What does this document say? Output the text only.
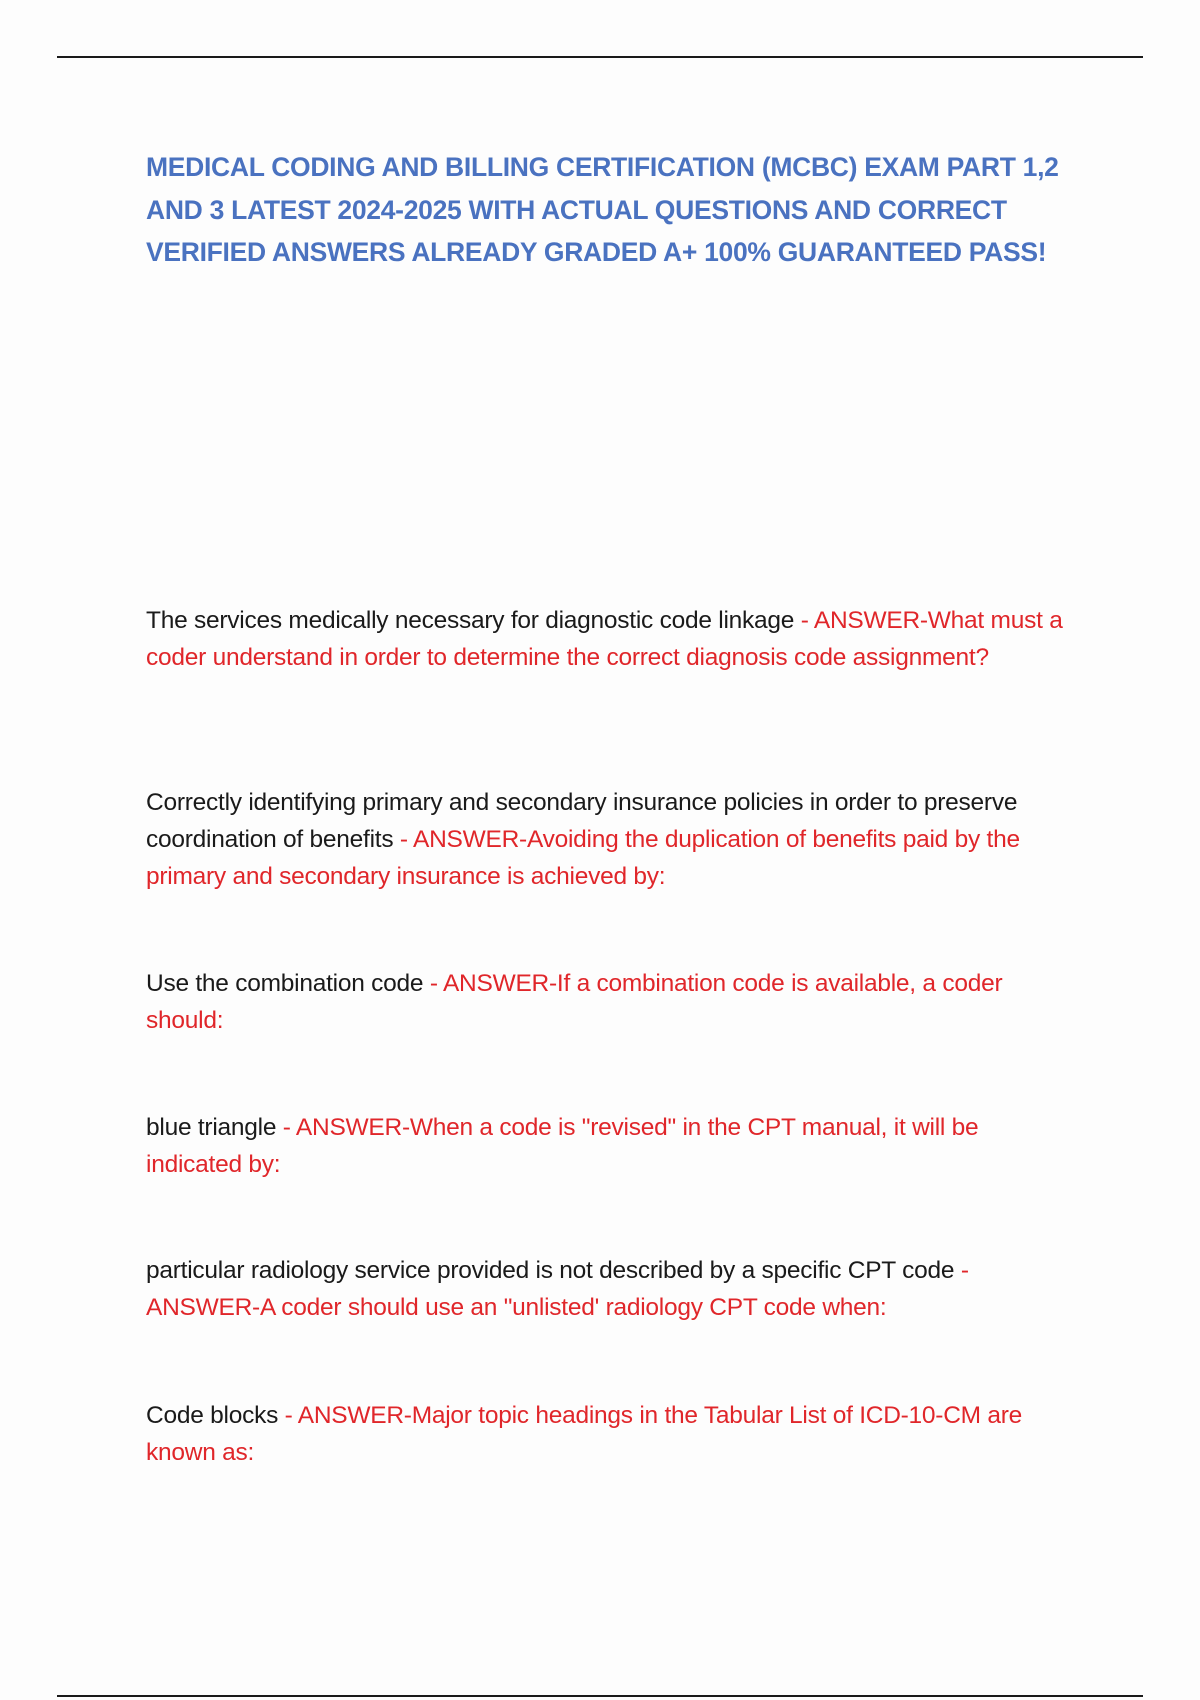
MEDICAL CODING AND BILLING CERTIFICATION (MCBC) EXAM PART 1,2 AND 3 LATEST 2024-2025 WITH ACTUAL QUESTIONS AND CORRECT VERIFIED ANSWERS ALREADY GRADED A+ 100% GUARANTEED PASS!

The services medically necessary for diagnostic code linkage - ANSWER-What must a coder understand in order to determine the correct diagnosis code assignment?

Correctly identifying primary and secondary insurance policies in order to preserve coordination of benefits - ANSWER-Avoiding the duplication of benefits paid by the primary and secondary insurance is achieved by:

Use the combination code - ANSWER-If a combination code is available, a coder should:

blue triangle - ANSWER-When a code is "revised" in the CPT manual, it will be indicated by:

particular radiology service provided is not described by a specific CPT code - ANSWER-A coder should use an "unlisted' radiology CPT code when:

Code blocks - ANSWER-Major topic headings in the Tabular List of ICD-10-CM are known as:
